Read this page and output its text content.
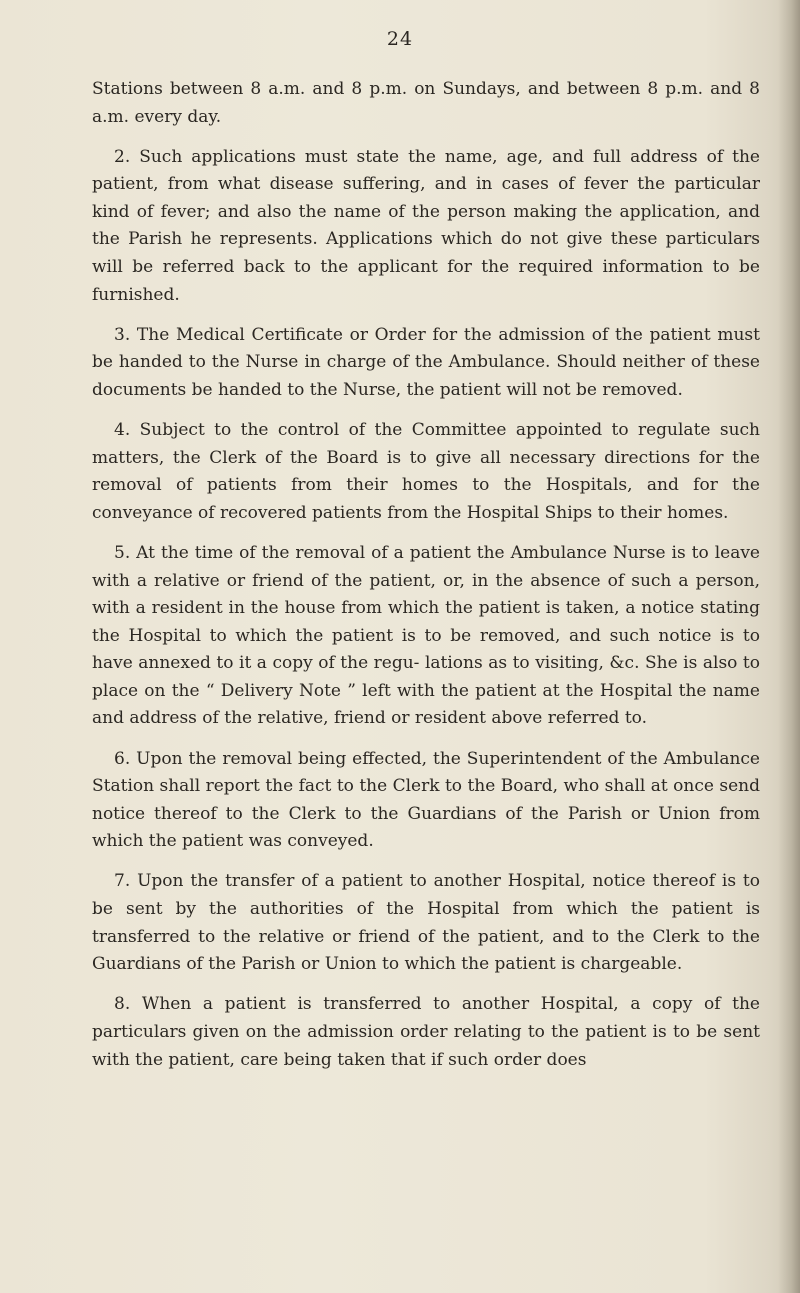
24

Stations between 8 a.m. and 8 p.m. on Sundays, and between 8 p.m. and 8 a.m. every day.

2. Such applications must state the name, age, and full address of the patient, from what disease suffering, and in cases of fever the particular kind of fever; and also the name of the person making the application, and the Parish he represents. Applications which do not give these particulars will be referred back to the applicant for the required information to be furnished.

3. The Medical Certificate or Order for the admission of the patient must be handed to the Nurse in charge of the Ambulance. Should neither of these documents be handed to the Nurse, the patient will not be removed.

4. Subject to the control of the Committee appointed to regulate such matters, the Clerk of the Board is to give all necessary directions for the removal of patients from their homes to the Hospitals, and for the conveyance of recovered patients from the Hospital Ships to their homes.

5. At the time of the removal of a patient the Ambulance Nurse is to leave with a relative or friend of the patient, or, in the absence of such a person, with a resident in the house from which the patient is taken, a notice stating the Hospital to which the patient is to be removed, and such notice is to have annexed to it a copy of the regu- lations as to visiting, &c. She is also to place on the “ Delivery Note ” left with the patient at the Hospital the name and address of the relative, friend or resident above referred to.

6. Upon the removal being effected, the Superintendent of the Ambulance Station shall report the fact to the Clerk to the Board, who shall at once send notice thereof to the Clerk to the Guardians of the Parish or Union from which the patient was conveyed.

7. Upon the transfer of a patient to another Hospital, notice thereof is to be sent by the authorities of the Hospital from which the patient is transferred to the relative or friend of the patient, and to the Clerk to the Guardians of the Parish or Union to which the patient is chargeable.

8. When a patient is transferred to another Hospital, a copy of the particulars given on the admission order relating to the patient is to be sent with the patient, care being taken that if such order does
